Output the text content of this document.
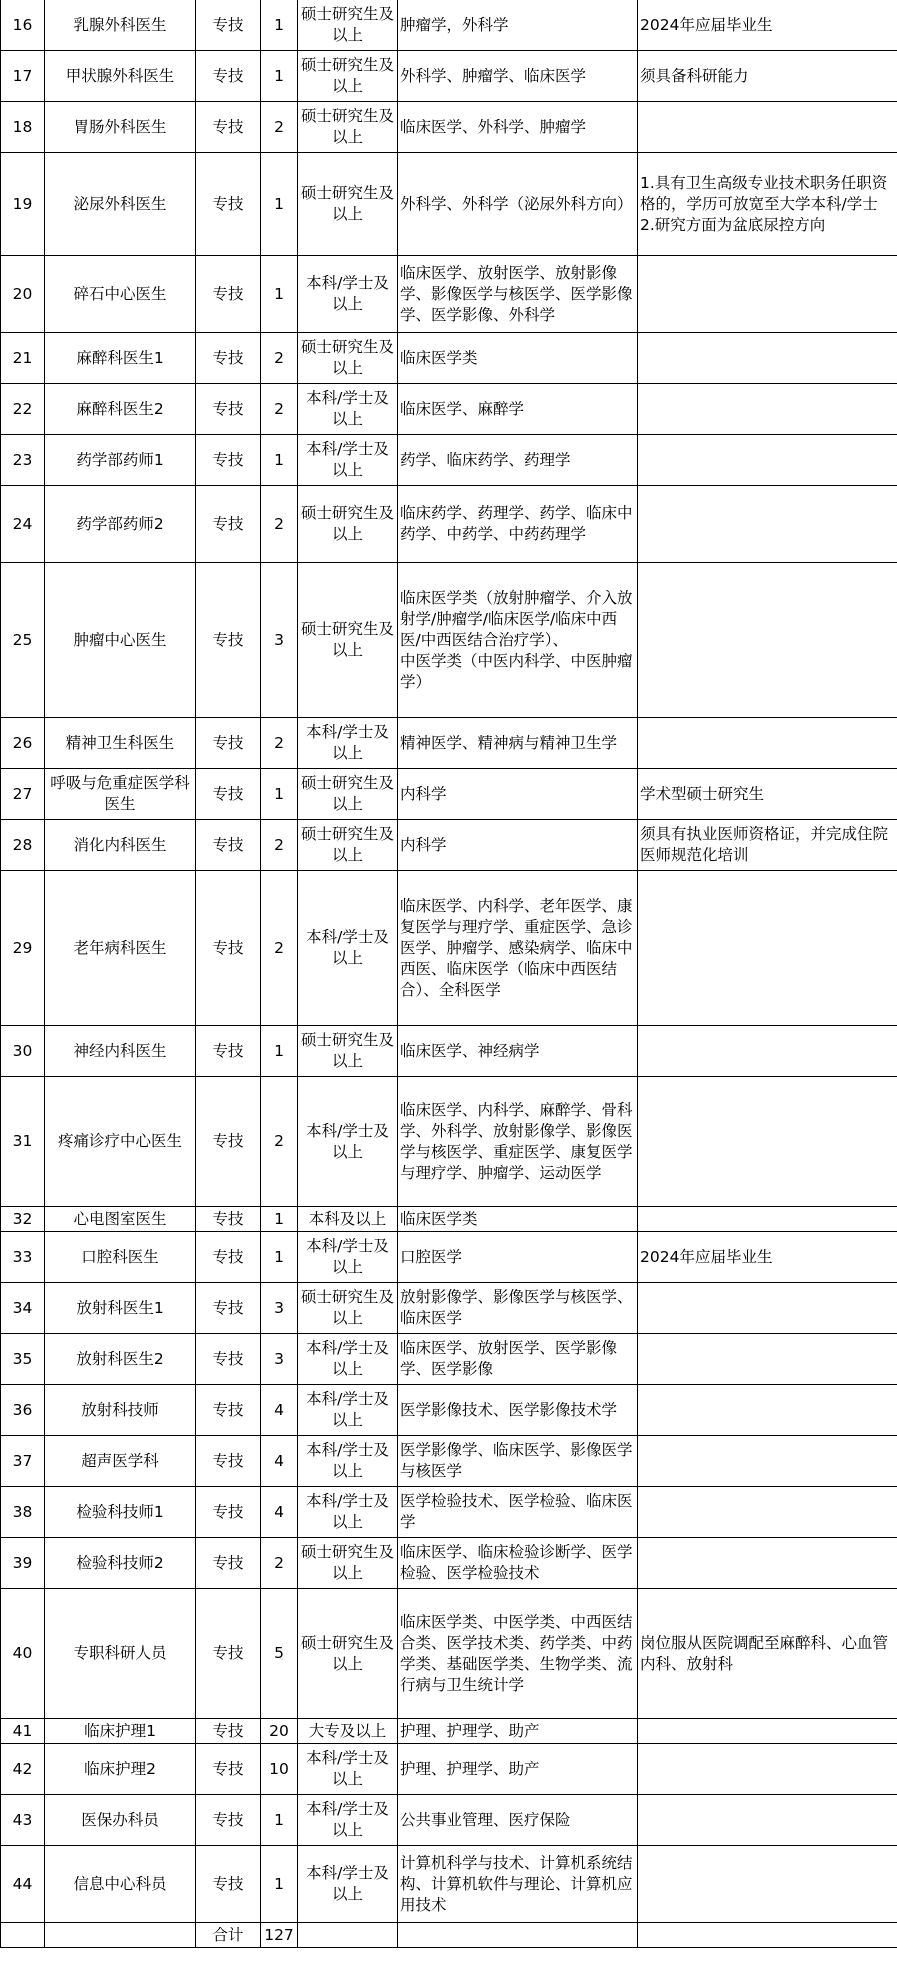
16	乳腺外科医生	专技	1	硕士研究生及以上	肿瘤学，外科学	2024年应届毕业生
17	甲状腺外科医生	专技	1	硕士研究生及以上	外科学、肿瘤学、临床医学	须具备科研能力
18	胃肠外科医生	专技	2	硕士研究生及以上	临床医学、外科学、肿瘤学	
19	泌尿外科医生	专技	1	硕士研究生及以上	外科学、外科学（泌尿外科方向）	1.具有卫生高级专业技术职务任职资格的，学历可放宽至大学本科/学士
2.研究方面为盆底尿控方向
20	碎石中心医生	专技	1	本科/学士及以上	临床医学、放射医学、放射影像学、影像医学与核医学、医学影像学、医学影像、外科学	
21	麻醉科医生1	专技	2	硕士研究生及以上	临床医学类	
22	麻醉科医生2	专技	2	本科/学士及以上	临床医学、麻醉学	
23	药学部药师1	专技	1	本科/学士及以上	药学、临床药学、药理学	
24	药学部药师2	专技	2	硕士研究生及以上	临床药学、药理学、药学、临床中药学、中药学、中药药理学	
25	肿瘤中心医生	专技	3	硕士研究生及以上	临床医学类（放射肿瘤学、介入放射学/肿瘤学/临床医学/临床中西医/中西医结合治疗学）、
中医学类（中医内科学、中医肿瘤学）	
26	精神卫生科医生	专技	2	本科/学士及以上	精神医学、精神病与精神卫生学	
27	呼吸与危重症医学科医生	专技	1	硕士研究生及以上	内科学	学术型硕士研究生
28	消化内科医生	专技	2	硕士研究生及以上	内科学	须具有执业医师资格证，并完成住院医师规范化培训
29	老年病科医生	专技	2	本科/学士及以上	临床医学、内科学、老年医学、康复医学与理疗学、重症医学、急诊医学、肿瘤学、感染病学、临床中西医、临床医学（临床中西医结合）、全科医学	
30	神经内科医生	专技	1	硕士研究生及以上	临床医学、神经病学	
31	疼痛诊疗中心医生	专技	2	本科/学士及以上	临床医学、内科学、麻醉学、骨科学、外科学、放射影像学、影像医学与核医学、重症医学、康复医学与理疗学、肿瘤学、运动医学	
32	心电图室医生	专技	1	本科及以上	临床医学类	
33	口腔科医生	专技	1	本科/学士及以上	口腔医学	2024年应届毕业生
34	放射科医生1	专技	3	硕士研究生及以上	放射影像学、影像医学与核医学、临床医学	
35	放射科医生2	专技	3	本科/学士及以上	临床医学、放射医学、医学影像学、医学影像	
36	放射科技师	专技	4	本科/学士及以上	医学影像技术、医学影像技术学	
37	超声医学科	专技	4	本科/学士及以上	医学影像学、临床医学、影像医学与核医学	
38	检验科技师1	专技	4	本科/学士及以上	医学检验技术、医学检验、临床医学	
39	检验科技师2	专技	2	硕士研究生及以上	临床医学、临床检验诊断学、医学检验、医学检验技术	
40	专职科研人员	专技	5	硕士研究生及以上	临床医学类、中医学类、中西医结合类、医学技术类、药学类、中药学类、基础医学类、生物学类、流行病与卫生统计学	岗位服从医院调配至麻醉科、心血管内科、放射科
41	临床护理1	专技	20	大专及以上	护理、护理学、助产	
42	临床护理2	专技	10	本科/学士及以上	护理、护理学、助产	
43	医保办科员	专技	1	本科/学士及以上	公共事业管理、医疗保险	
44	信息中心科员	专技	1	本科/学士及以上	计算机科学与技术、计算机系统结构、计算机软件与理论、计算机应用技术	
		合计	127			
